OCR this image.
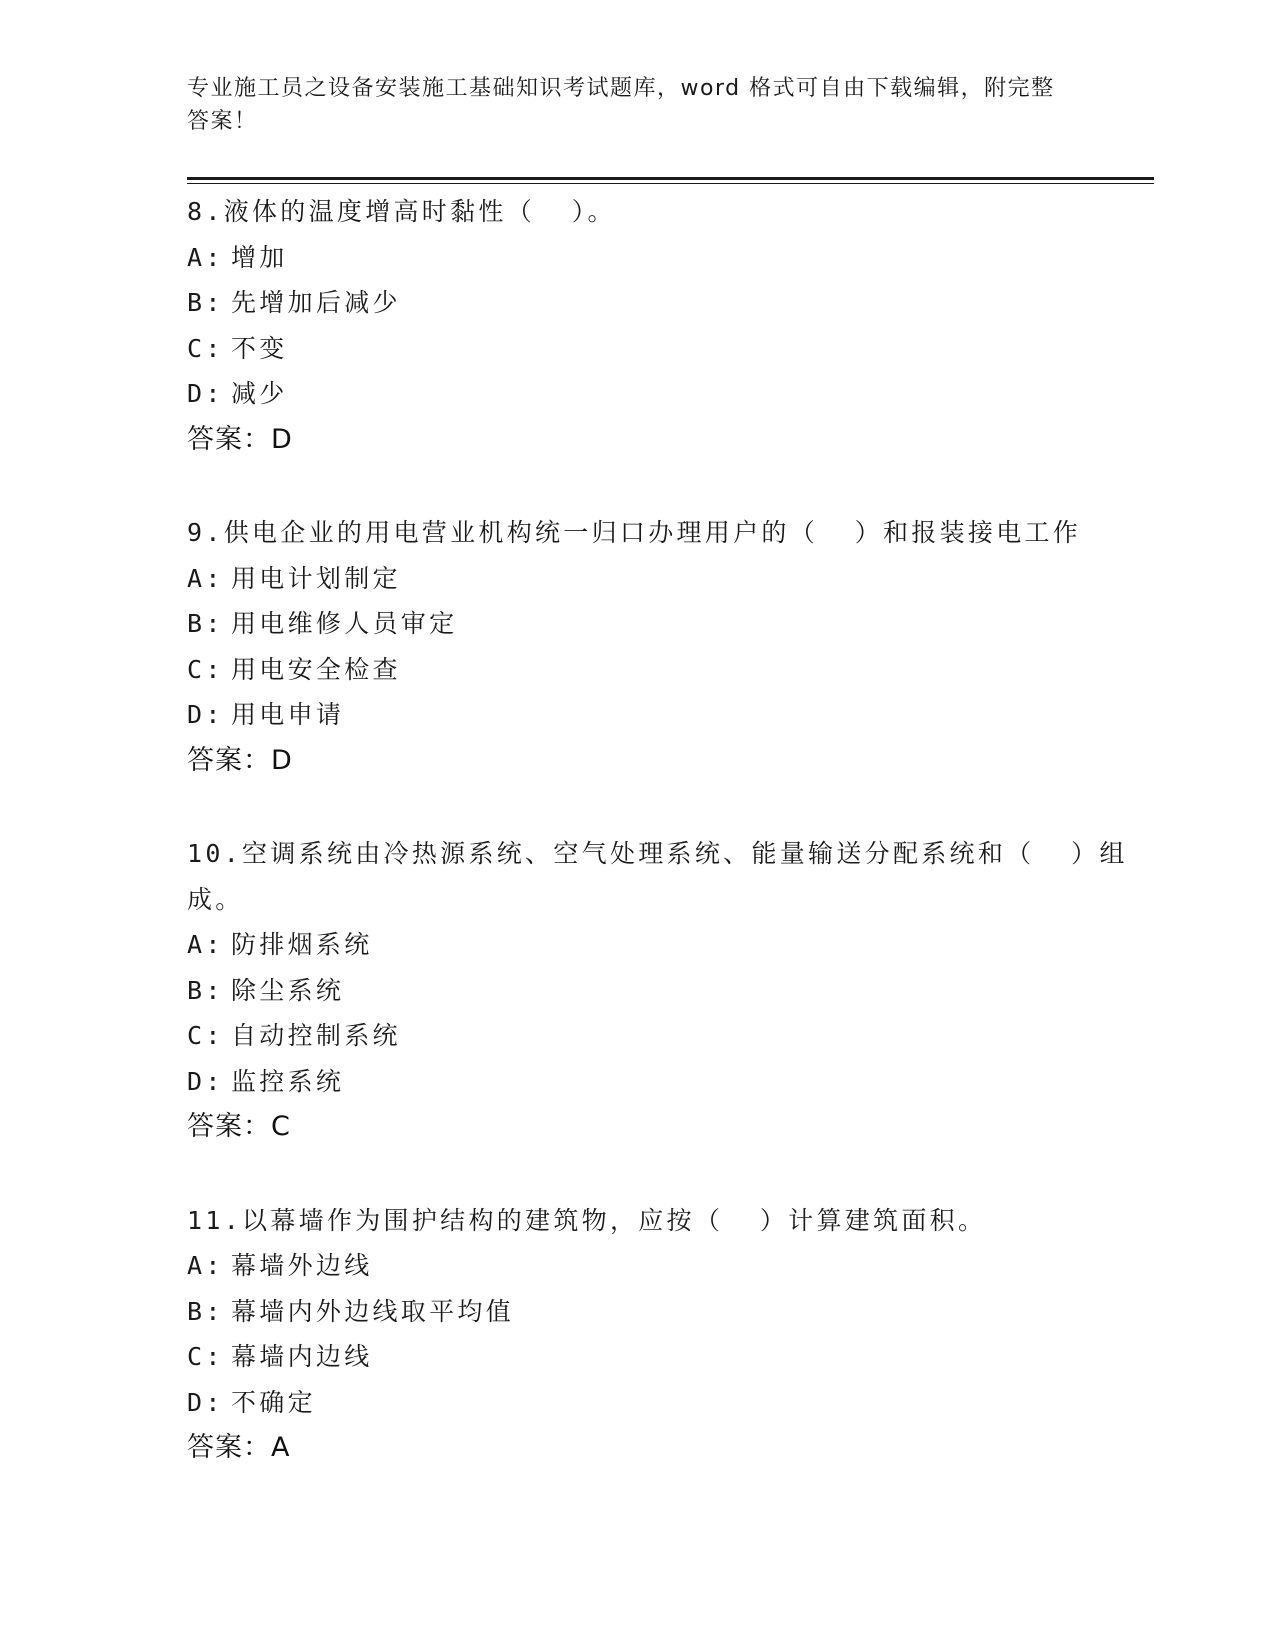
专业施工员之设备安装施工基础知识考试题库，word 格式可自由下载编辑，附完整答案！
8.液体的温度增高时黏性（  ）。
A: 增加
B: 先增加后减少
C: 不变
D: 减少
答案：D
9.供电企业的用电营业机构统一归口办理用户的（  ）和报装接电工作
A: 用电计划制定
B: 用电维修人员审定
C: 用电安全检查
D: 用电申请
答案：D
10.空调系统由冷热源系统、空气处理系统、能量输送分配系统和（  ）组成。
A: 防排烟系统
B: 除尘系统
C: 自动控制系统
D: 监控系统
答案：C
11.以幕墙作为围护结构的建筑物，应按（  ）计算建筑面积。
A: 幕墙外边线
B: 幕墙内外边线取平均值
C: 幕墙内边线
D: 不确定
答案：A
